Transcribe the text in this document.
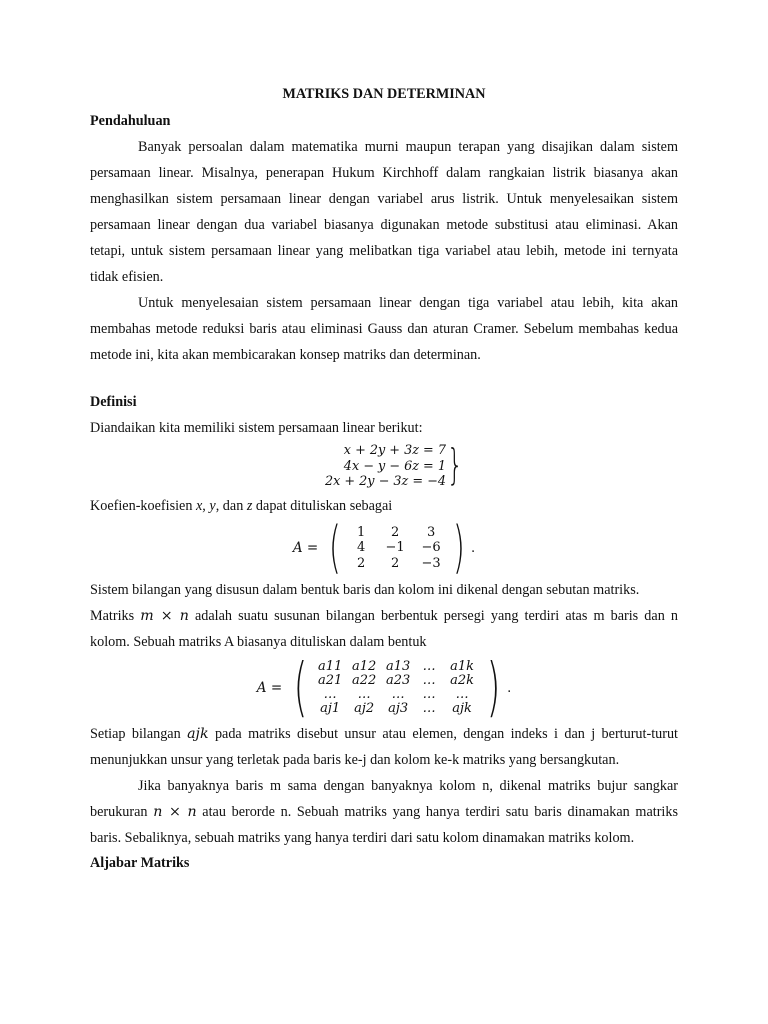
MATRIKS DAN DETERMINAN

Pendahuluan

Banyak persoalan dalam matematika murni maupun terapan yang disajikan dalam sistem persamaan linear. Misalnya, penerapan Hukum Kirchhoff dalam rangkaian listrik biasanya akan menghasilkan sistem persamaan linear dengan variabel arus listrik. Untuk menyelesaikan sistem persamaan linear dengan dua variabel biasanya digunakan metode substitusi atau eliminasi. Akan tetapi, untuk sistem persamaan linear yang melibatkan tiga variabel atau lebih, metode ini ternyata tidak efisien.

Untuk menyelesaian sistem persamaan linear dengan tiga variabel atau lebih, kita akan membahas metode reduksi baris atau eliminasi Gauss dan aturan Cramer. Sebelum membahas kedua metode ini, kita akan membicarakan konsep matriks dan determinan.

Definisi

Diandaikan kita memiliki sistem persamaan linear berikut:

x + 2y + 3z = 7
4x − y − 6z = 1
2x + 2y − 3z = −4 }

Koefien-koefisien x, y, dan z dapat dituliskan sebagai

A = (	1	2	3
4	−1	−6
2	2	−3 ) .

Sistem bilangan yang disusun dalam bentuk baris dan kolom ini dikenal dengan sebutan matriks.

Matriks m × n adalah suatu susunan bilangan berbentuk persegi yang terdiri atas m baris dan n kolom. Sebuah matriks A biasanya dituliskan dalam bentuk

A = ( a11 a12 a13 …	a1k
a21 a22 a23 …	a2k
…	…	…	…	…
aj1	aj2	aj3	…	ajk ) .

Setiap bilangan ajk pada matriks disebut unsur atau elemen, dengan indeks i dan j berturut-turut menunjukkan unsur yang terletak pada baris ke-j dan kolom ke-k matriks yang bersangkutan.

Jika banyaknya baris m sama dengan banyaknya kolom n, dikenal matriks bujur sangkar berukuran n × n atau berorde n. Sebuah matriks yang hanya terdiri satu baris dinamakan matriks baris. Sebaliknya, sebuah matriks yang hanya terdiri dari satu kolom dinamakan matriks kolom.

Aljabar Matriks
